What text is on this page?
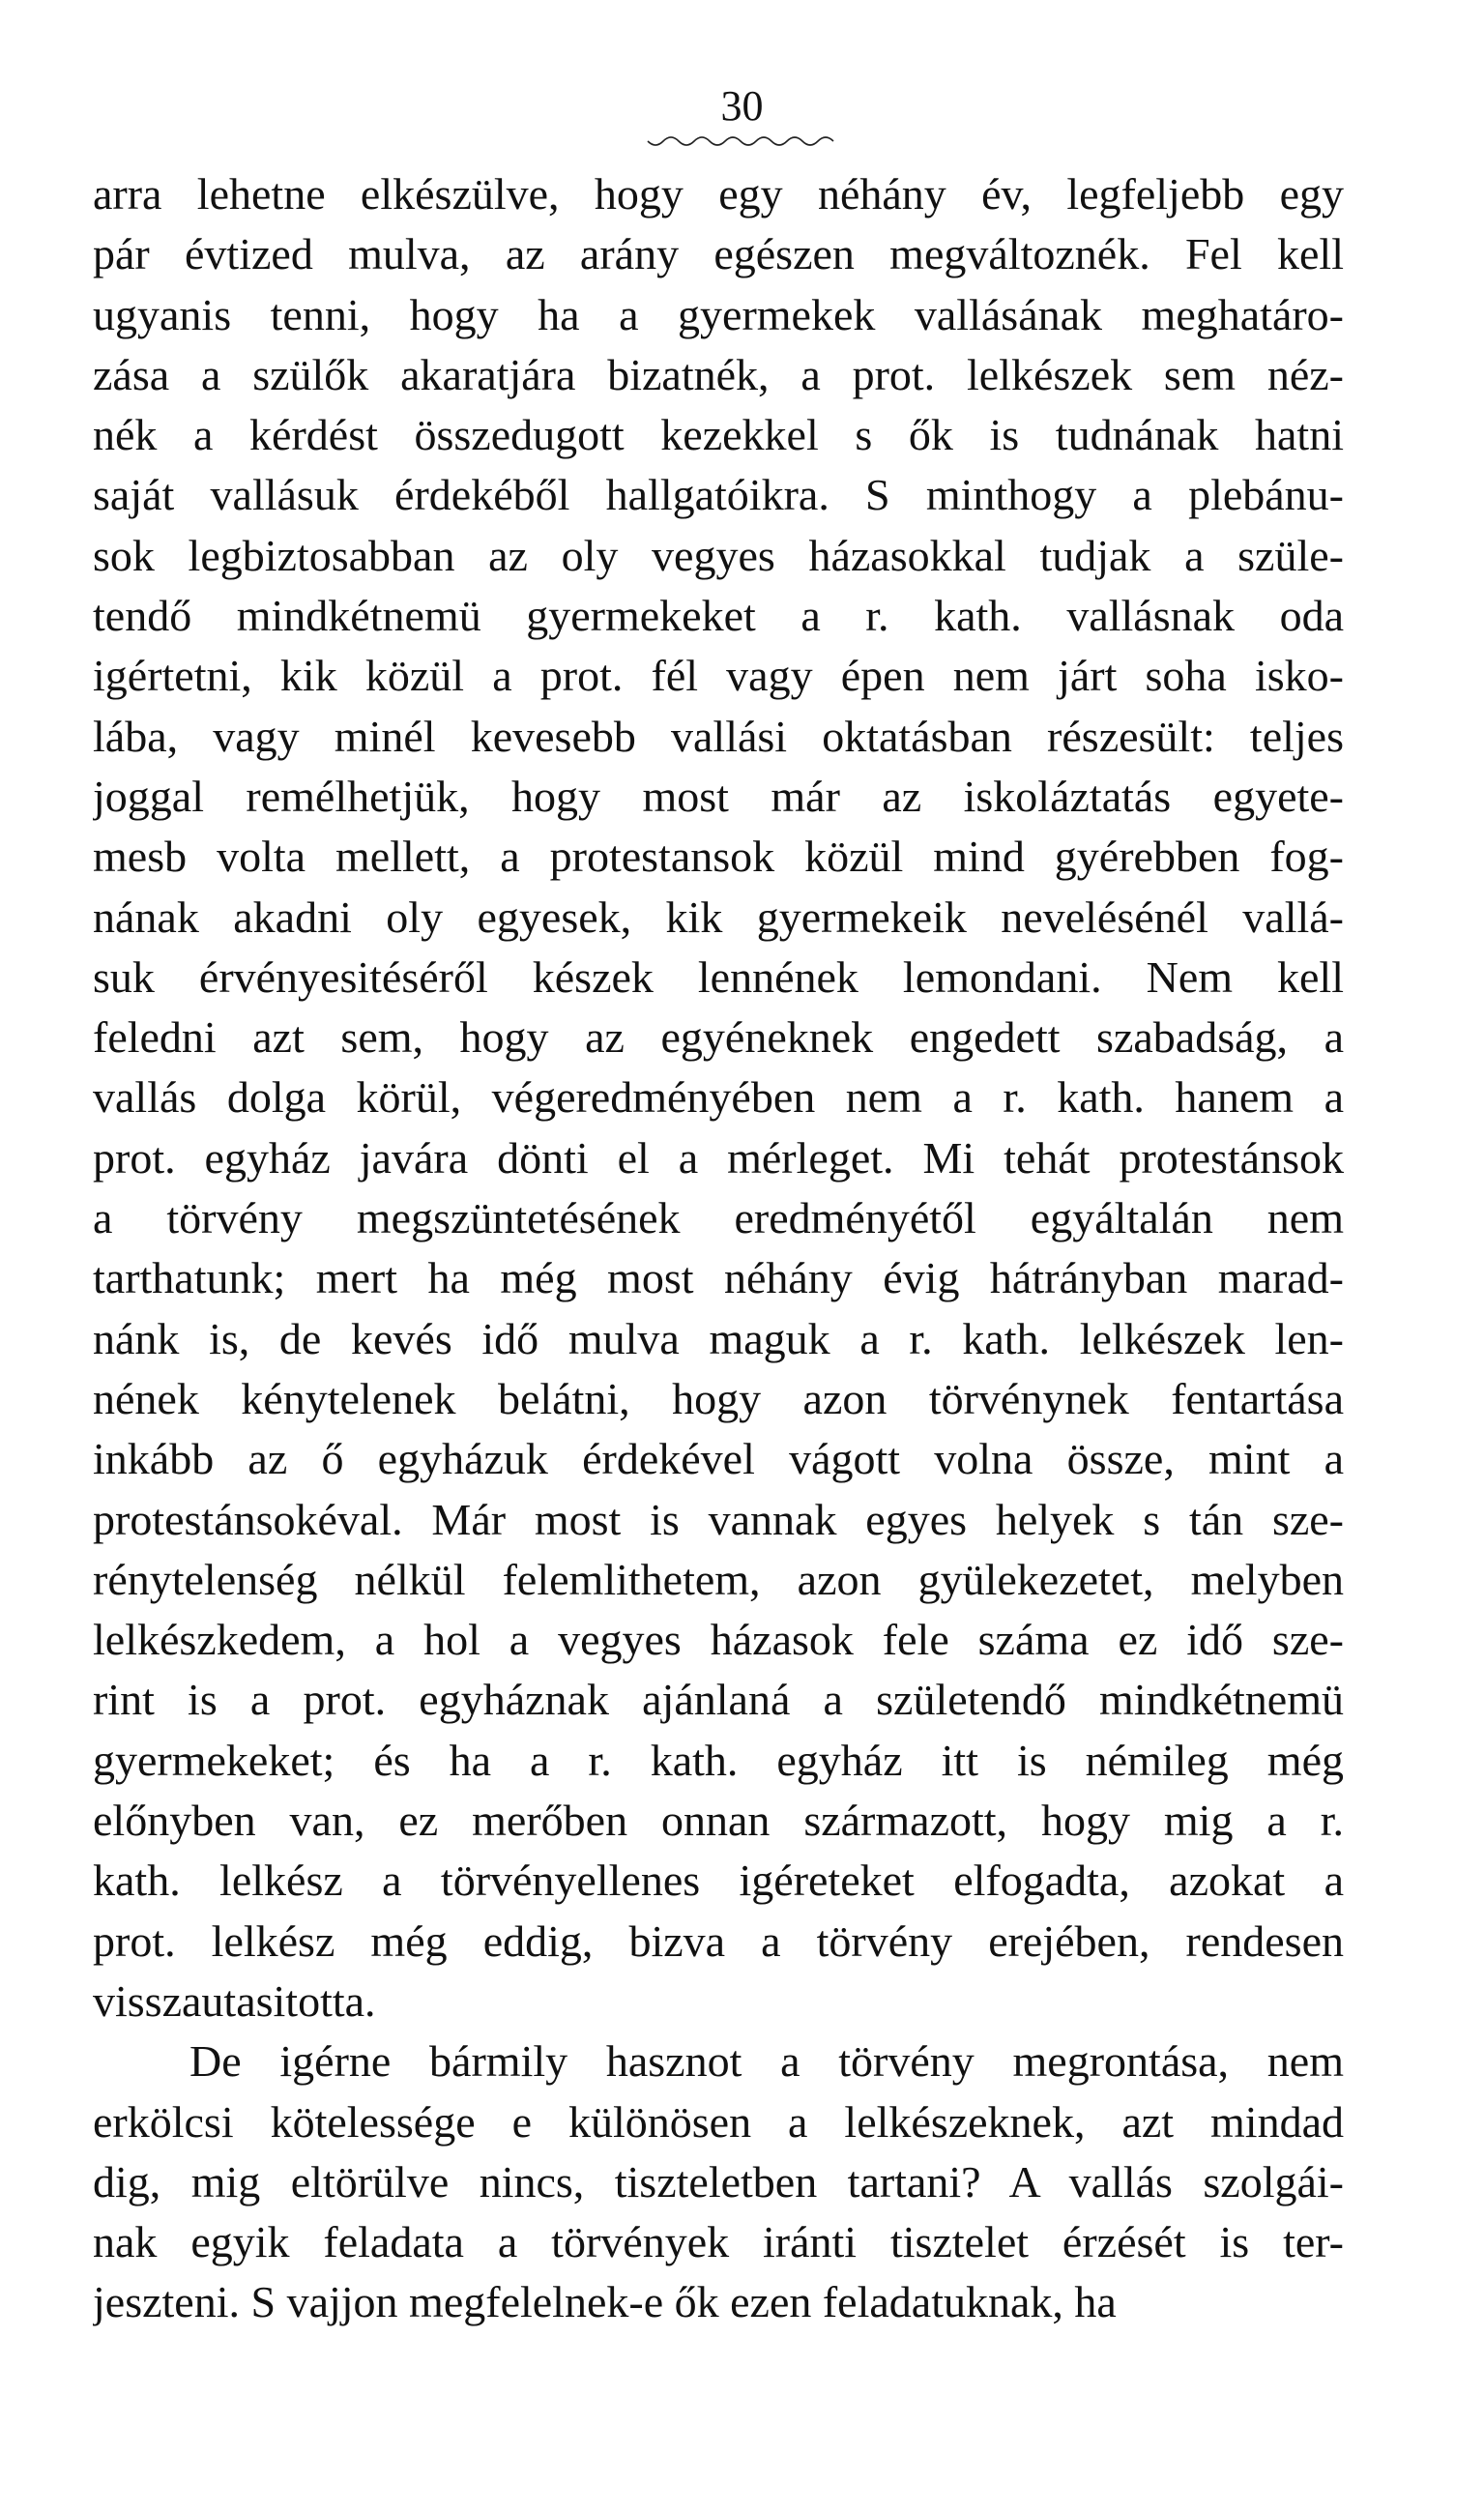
30
arra lehetne elkészülve, hogy egy néhány év, legfeljebb egy
pár évtized mulva, az arány egészen megváltoznék. Fel kell
ugyanis tenni, hogy ha a gyermekek vallásának meghatáro-
zása a szülők akaratjára bizatnék, a prot. lelkészek sem néz-
nék a kérdést összedugott kezekkel s ők is tudnának hatni
saját vallásuk érdekéből hallgatóikra. S minthogy a plebánu-
sok legbiztosabban az oly vegyes házasokkal tudjak a szüle-
tendő mindkétnemü gyermekeket a r. kath. vallásnak oda
igértetni, kik közül a prot. fél vagy épen nem járt soha isko-
lába, vagy minél kevesebb vallási oktatásban részesült: teljes
joggal remélhetjük, hogy most már az iskoláztatás egyete-
mesb volta mellett, a protestansok közül mind gyérebben fog-
nának akadni oly egyesek, kik gyermekeik nevelésénél vallá-
suk érvényesitéséről készek lennének lemondani. Nem kell
feledni azt sem, hogy az egyéneknek engedett szabadság, a
vallás dolga körül, végeredményében nem a r. kath. hanem a
prot. egyház javára dönti el a mérleget. Mi tehát protestánsok
a törvény megszüntetésének eredményétől egyáltalán nem
tarthatunk; mert ha még most néhány évig hátrányban marad-
nánk is, de kevés idő mulva maguk a r. kath. lelkészek len-
nének kénytelenek belátni, hogy azon törvénynek fentartása
inkább az ő egyházuk érdekével vágott volna össze, mint a
protestánsokéval. Már most is vannak egyes helyek s tán sze-
rénytelenség nélkül felemlithetem, azon gyülekezetet, melyben
lelkészkedem, a hol a vegyes házasok fele száma ez idő sze-
rint is a prot. egyháznak ajánlaná a születendő mindkétnemü
gyermekeket; és ha a r. kath. egyház itt is némileg még
előnyben van, ez merőben onnan származott, hogy mig a r.
kath. lelkész a törvényellenes igéreteket elfogadta, azokat a
prot. lelkész még eddig, bizva a törvény erejében, rendesen
visszautasitotta.
De igérne bármily hasznot a törvény megrontása, nem
erkölcsi kötelessége e különösen a lelkészeknek, azt mindad
dig, mig eltörülve nincs, tiszteletben tartani? A vallás szolgái-
nak egyik feladata a törvények iránti tisztelet érzését is ter-
jeszteni. S vajjon megfelelnek-e ők ezen feladatuknak, ha
